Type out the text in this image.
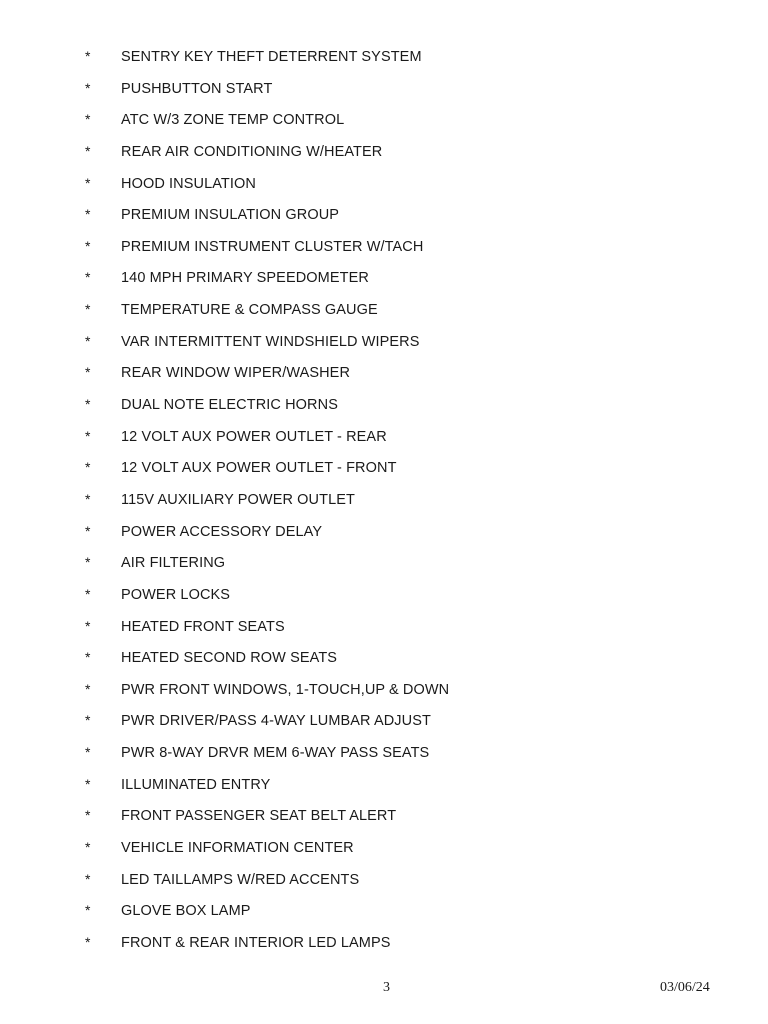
* SENTRY KEY THEFT DETERRENT SYSTEM
* PUSHBUTTON START
* ATC W/3 ZONE TEMP CONTROL
* REAR AIR CONDITIONING W/HEATER
* HOOD INSULATION
* PREMIUM INSULATION GROUP
* PREMIUM INSTRUMENT CLUSTER W/TACH
* 140 MPH PRIMARY SPEEDOMETER
* TEMPERATURE & COMPASS GAUGE
* VAR INTERMITTENT WINDSHIELD WIPERS
* REAR WINDOW WIPER/WASHER
* DUAL NOTE ELECTRIC HORNS
* 12 VOLT AUX POWER OUTLET - REAR
* 12 VOLT AUX POWER OUTLET - FRONT
* 115V AUXILIARY POWER OUTLET
* POWER ACCESSORY DELAY
* AIR FILTERING
* POWER LOCKS
* HEATED FRONT SEATS
* HEATED SECOND ROW SEATS
* PWR FRONT WINDOWS, 1-TOUCH,UP & DOWN
* PWR DRIVER/PASS 4-WAY LUMBAR ADJUST
* PWR 8-WAY DRVR MEM 6-WAY PASS SEATS
* ILLUMINATED ENTRY
* FRONT PASSENGER SEAT BELT ALERT
* VEHICLE INFORMATION CENTER
* LED TAILLAMPS W/RED ACCENTS
* GLOVE BOX LAMP
* FRONT & REAR INTERIOR LED LAMPS
3	03/06/24
